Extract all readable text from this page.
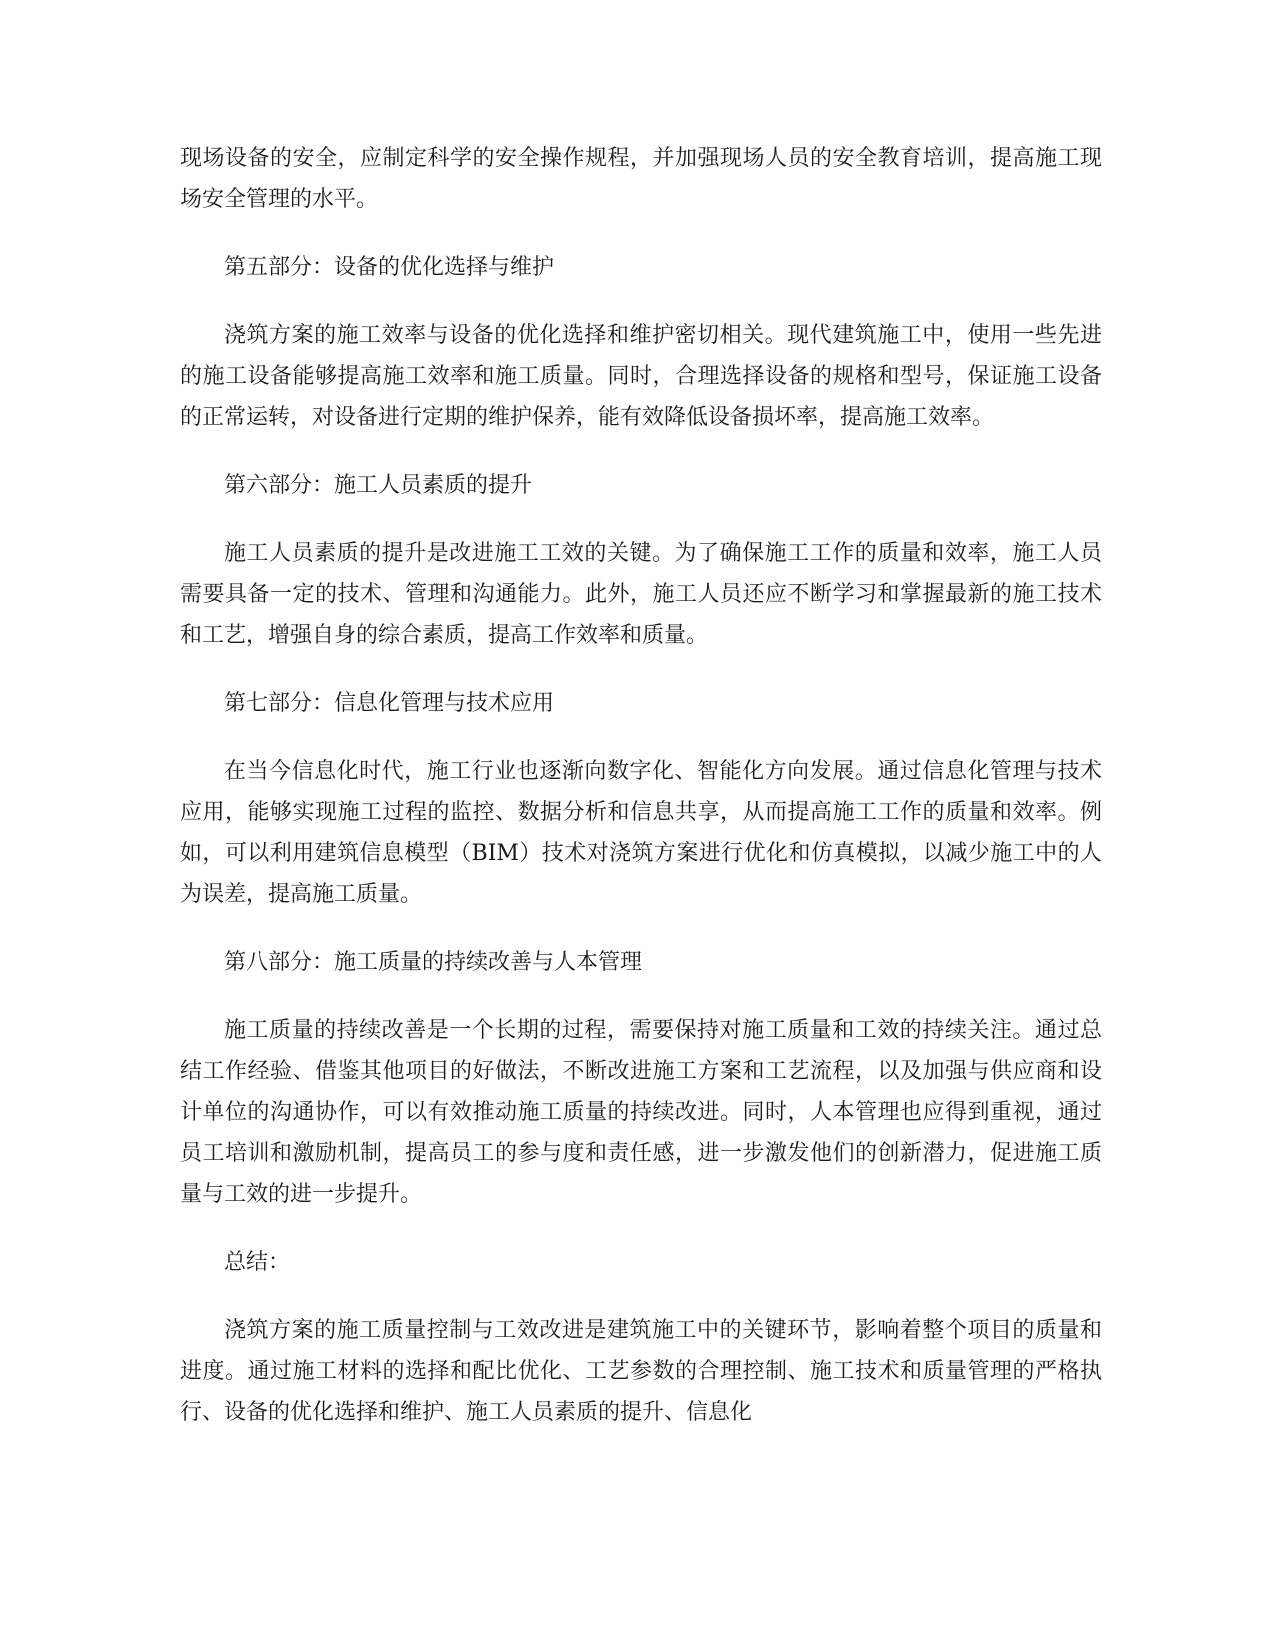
现场设备的安全，应制定科学的安全操作规程，并加强现场人员的安全教育培训，提高施工现场安全管理的水平。

第五部分：设备的优化选择与维护

浇筑方案的施工效率与设备的优化选择和维护密切相关。现代建筑施工中，使用一些先进的施工设备能够提高施工效率和施工质量。同时，合理选择设备的规格和型号，保证施工设备的正常运转，对设备进行定期的维护保养，能有效降低设备损坏率，提高施工效率。

第六部分：施工人员素质的提升

施工人员素质的提升是改进施工工效的关键。为了确保施工工作的质量和效率，施工人员需要具备一定的技术、管理和沟通能力。此外，施工人员还应不断学习和掌握最新的施工技术和工艺，增强自身的综合素质，提高工作效率和质量。

第七部分：信息化管理与技术应用

在当今信息化时代，施工行业也逐渐向数字化、智能化方向发展。通过信息化管理与技术应用，能够实现施工过程的监控、数据分析和信息共享，从而提高施工工作的质量和效率。例如，可以利用建筑信息模型（BIM）技术对浇筑方案进行优化和仿真模拟，以减少施工中的人为误差，提高施工质量。

第八部分：施工质量的持续改善与人本管理

施工质量的持续改善是一个长期的过程，需要保持对施工质量和工效的持续关注。通过总结工作经验、借鉴其他项目的好做法，不断改进施工方案和工艺流程，以及加强与供应商和设计单位的沟通协作，可以有效推动施工质量的持续改进。同时，人本管理也应得到重视，通过员工培训和激励机制，提高员工的参与度和责任感，进一步激发他们的创新潜力，促进施工质量与工效的进一步提升。

总结：

浇筑方案的施工质量控制与工效改进是建筑施工中的关键环节，影响着整个项目的质量和进度。通过施工材料的选择和配比优化、工艺参数的合理控制、施工技术和质量管理的严格执行、设备的优化选择和维护、施工人员素质的提升、信息化
